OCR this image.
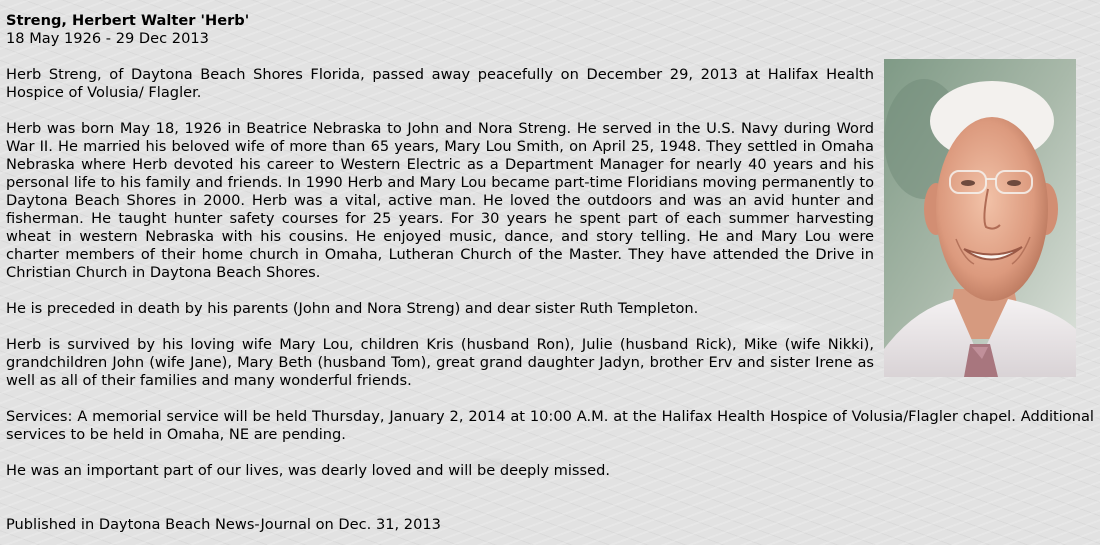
Streng, Herbert Walter 'Herb'
18 May 1926 - 29 Dec 2013

Herb Streng, of Daytona Beach Shores Florida, passed away peacefully on December 29, 2013 at Halifax Health Hospice of Volusia/ Flagler.

Herb was born May 18, 1926 in Beatrice Nebraska to John and Nora Streng. He served in the U.S. Navy during Word War II. He married his beloved wife of more than 65 years, Mary Lou Smith, on April 25, 1948. They settled in Omaha Nebraska where Herb devoted his career to Western Electric as a Department Manager for nearly 40 years and his personal life to his family and friends. In 1990 Herb and Mary Lou became part-time Floridians moving permanently to Daytona Beach Shores in 2000. Herb was a vital, active man. He loved the outdoors and was an avid hunter and fisherman. He taught hunter safety courses for 25 years. For 30 years he spent part of each summer harvesting wheat in western Nebraska with his cousins. He enjoyed music, dance, and story telling. He and Mary Lou were charter members of their home church in Omaha, Lutheran Church of the Master. They have attended the Drive in Christian Church in Daytona Beach Shores.

He is preceded in death by his parents (John and Nora Streng) and dear sister Ruth Templeton.

Herb is survived by his loving wife Mary Lou, children Kris (husband Ron), Julie (husband Rick), Mike (wife Nikki), grandchildren John (wife Jane), Mary Beth (husband Tom), great grand daughter Jadyn, brother Erv and sister Irene as well as all of their families and many wonderful friends.

Services: A memorial service will be held Thursday, January 2, 2014 at 10:00 A.M. at the Halifax Health Hospice of Volusia/Flagler chapel. Additional services to be held in Omaha, NE are pending.

He was an important part of our lives, was dearly loved and will be deeply missed.

Published in Daytona Beach News-Journal on Dec. 31, 2013
